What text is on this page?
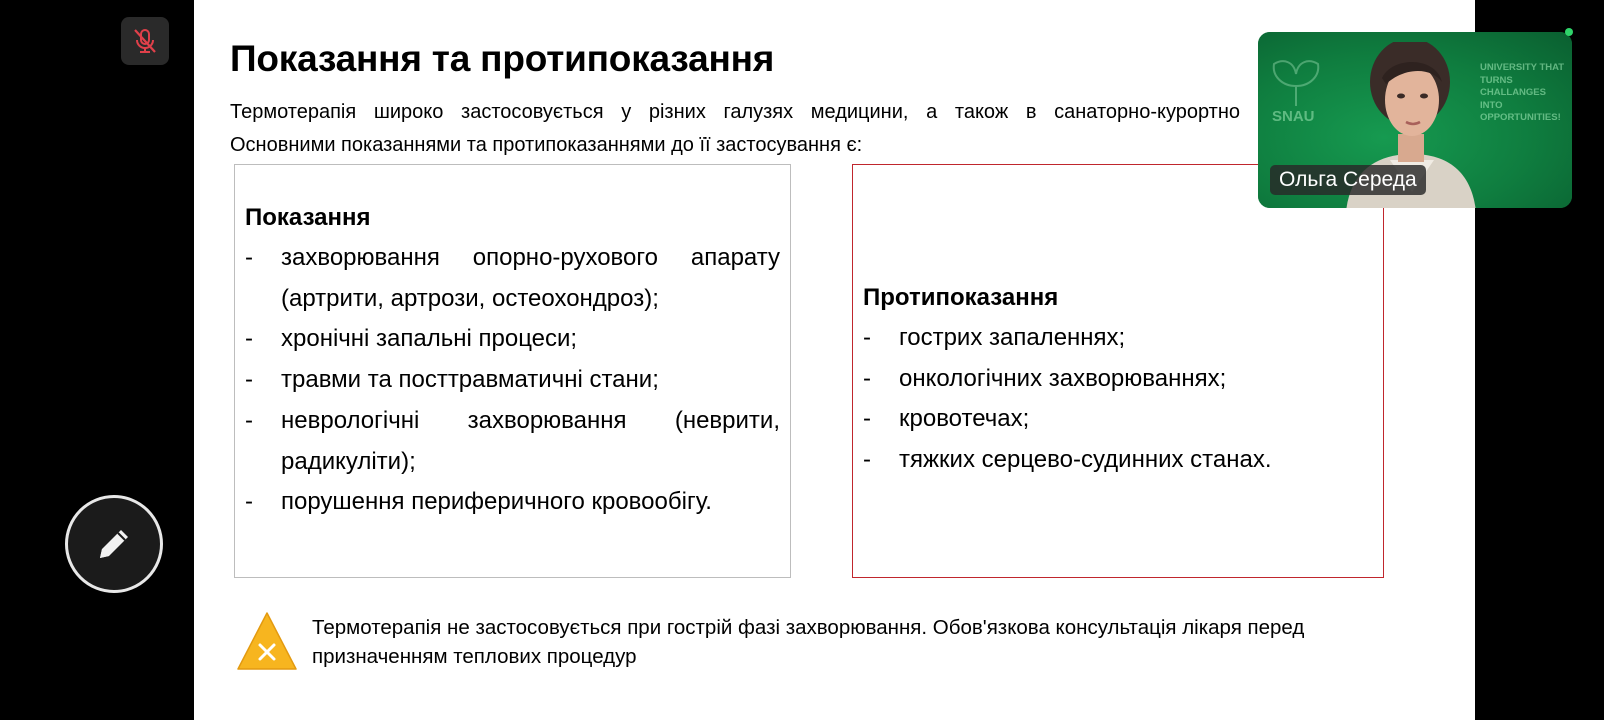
Показання та протипоказання
Термотерапія широко застосовується у різних галузях медицини, а також в санаторно-курортно
Основними показаннями та протипоказаннями до її застосування є:
Показання
- захворювання опорно-рухового апарату (артрити, артрози, остеохондроз);
- хронічні запальні процеси;
- травми та посттравматичні стани;
- неврологічні захворювання (неврити, радикуліти);
- порушення периферичного кровообігу.
Протипоказання
- гострих запаленнях;
- онкологічних захворюваннях;
- кровотечах;
- тяжких серцево-судинних станах.
Термотерапія не застосовується при гострій фазі захворювання. Обов'язкова консультація лікаря перед призначенням теплових процедур
SNAU
UNIVERSITY THAT TURNS CHALLANGES INTO OPPORTUNITIES!
Ольга Середа
